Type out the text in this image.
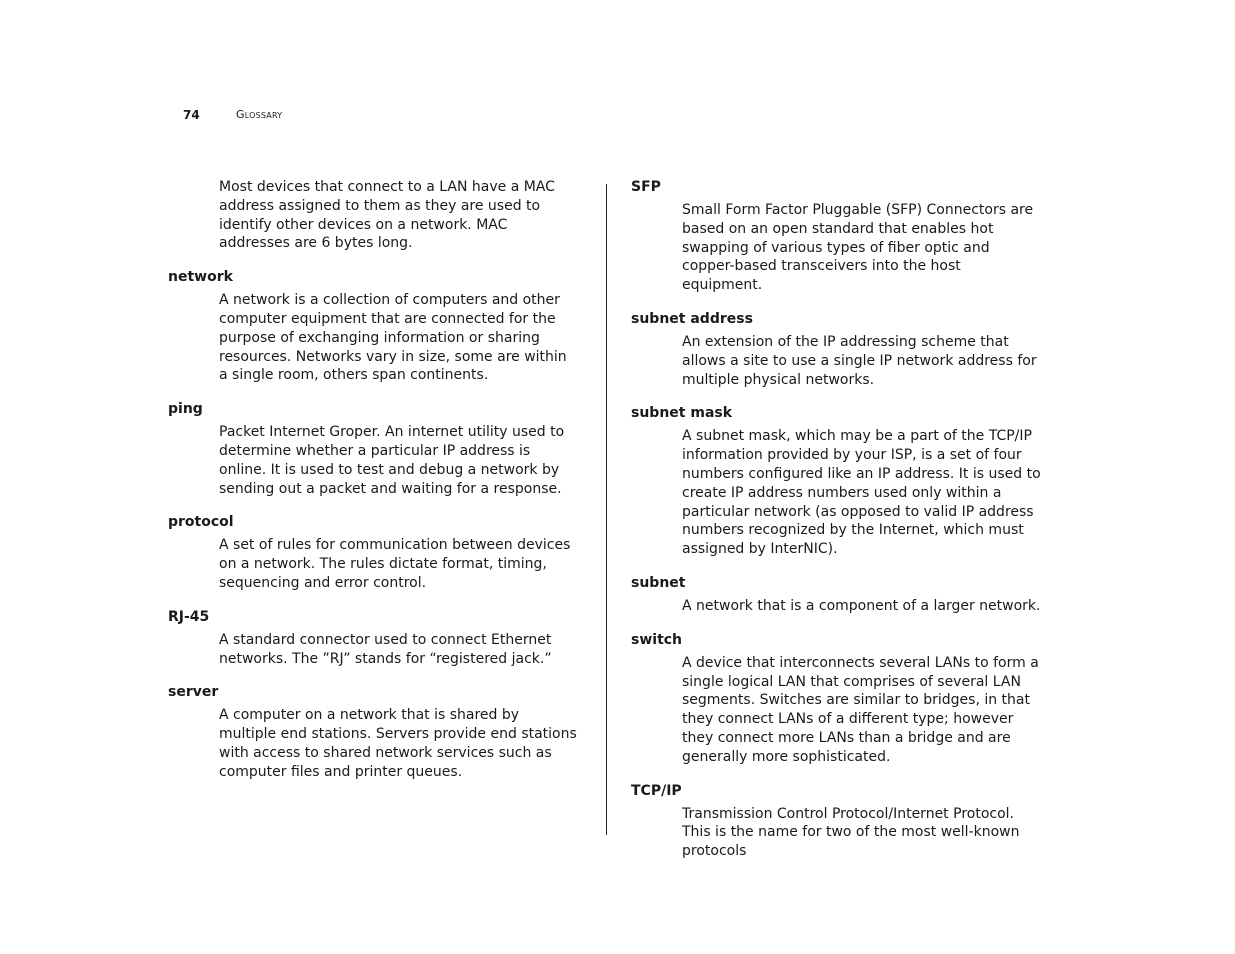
74	Glossary
Most devices that connect to a LAN have a MAC address assigned to them as they are used to identify other devices on a network. MAC addresses are 6 bytes long.
network
A network is a collection of computers and other computer equipment that are connected for the purpose of exchanging information or sharing resources. Networks vary in size, some are within a single room, others span continents.
ping
Packet Internet Groper. An internet utility used to determine whether a particular IP address is online. It is used to test and debug a network by sending out a packet and waiting for a response.
protocol
A set of rules for communication between devices on a network. The rules dictate format, timing, sequencing and error control.
RJ-45
A standard connector used to connect Ethernet networks. The ”RJ” stands for “registered jack.”
server
A computer on a network that is shared by multiple end stations. Servers provide end stations with access to shared network services such as computer files and printer queues.
SFP
Small Form Factor Pluggable (SFP) Connectors are based on an open standard that enables hot swapping of various types of fiber optic and copper-based transceivers into the host equipment.
subnet address
An extension of the IP addressing scheme that allows a site to use a single IP network address for multiple physical networks.
subnet mask
A subnet mask, which may be a part of the TCP/IP information provided by your ISP, is a set of four numbers configured like an IP address. It is used to create IP address numbers used only within a particular network (as opposed to valid IP address numbers recognized by the Internet, which must assigned by InterNIC).
subnet
A network that is a component of a larger network.
switch
A device that interconnects several LANs to form a single logical LAN that comprises of several LAN segments. Switches are similar to bridges, in that they connect LANs of a different type; however they connect more LANs than a bridge and are generally more sophisticated.
TCP/IP
Transmission Control Protocol/Internet Protocol. This is the name for two of the most well-known protocols
